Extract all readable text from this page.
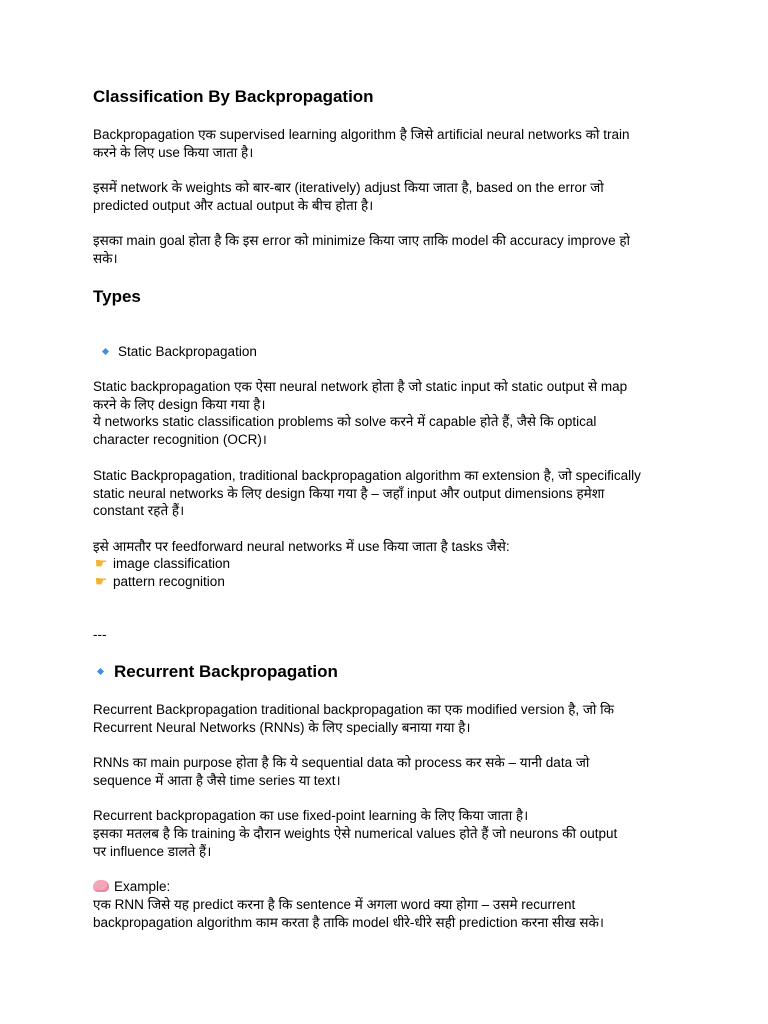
Classification By Backpropagation
Backpropagation एक supervised learning algorithm है जिसे artificial neural networks को train
करने के लिए use किया जाता है।
इसमें network के weights को बार-बार (iteratively) adjust किया जाता है, based on the error जो
predicted output और actual output के बीच होता है।
इसका main goal होता है कि इस error को minimize किया जाए ताकि model की accuracy improve हो
सके।
Types
Static Backpropagation
Static backpropagation एक ऐसा neural network होता है जो static input को static output से map
करने के लिए design किया गया है।
ये networks static classification problems को solve करने में capable होते हैं, जैसे कि optical
character recognition (OCR)।
Static Backpropagation, traditional backpropagation algorithm का extension है, जो specifically
static neural networks के लिए design किया गया है – जहाँ input और output dimensions हमेशा
constant रहते हैं।
इसे आमतौर पर feedforward neural networks में use किया जाता है tasks जैसे:
☛ image classification
☛ pattern recognition
---
Recurrent Backpropagation
Recurrent Backpropagation traditional backpropagation का एक modified version है, जो कि
Recurrent Neural Networks (RNNs) के लिए specially बनाया गया है।
RNNs का main purpose होता है कि ये sequential data को process कर सके – यानी data जो
sequence में आता है जैसे time series या text।
Recurrent backpropagation का use fixed-point learning के लिए किया जाता है।
इसका मतलब है कि training के दौरान weights ऐसे numerical values होते हैं जो neurons की output
पर influence डालते हैं।
Example:
एक RNN जिसे यह predict करना है कि sentence में अगला word क्या होगा – उसमे recurrent
backpropagation algorithm काम करता है ताकि model धीरे-धीरे सही prediction करना सीख सके।
